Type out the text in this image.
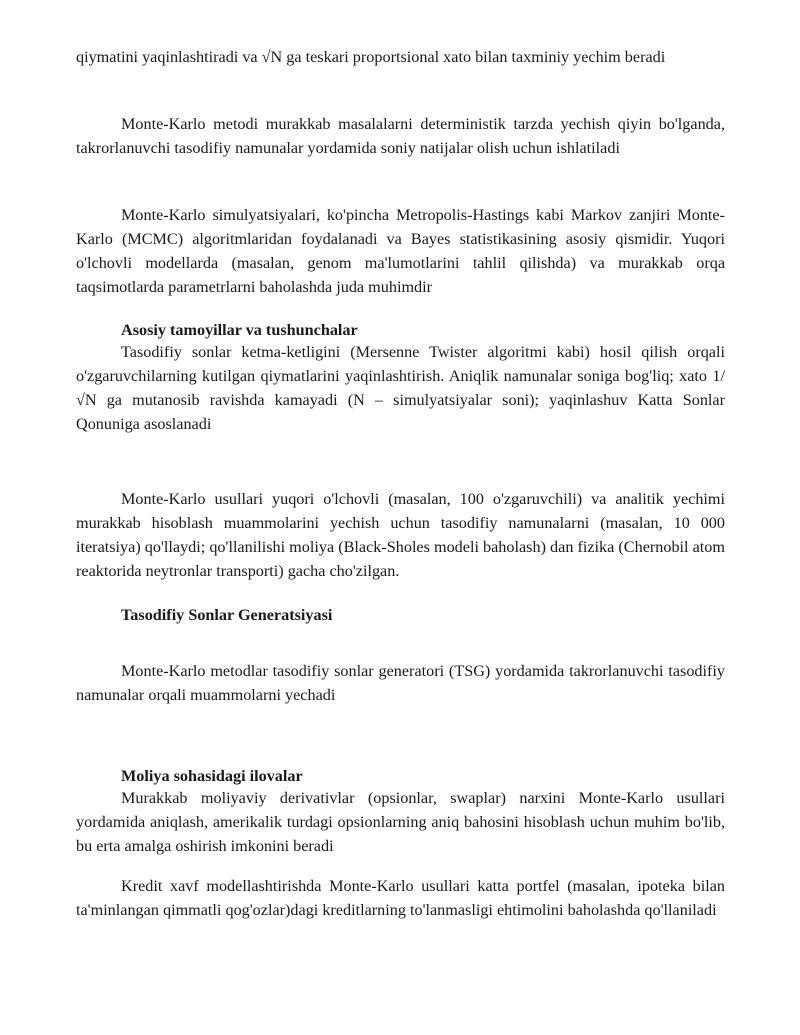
qiymatini yaqinlashtiradi va √N ga teskari proportsional xato bilan taxminiy yechim beradi

Monte-Karlo metodi murakkab masalalarni deterministik tarzda yechish qiyin bo'lganda, takrorlanuvchi tasodifiy namunalar yordamida soniy natijalar olish uchun ishlatiladi

Monte-Karlo simulyatsiyalari, ko'pincha Metropolis-Hastings kabi Markov zanjiri Monte-Karlo (MCMC) algoritmlaridan foydalanadi va Bayes statistikasining asosiy qismidir. Yuqori o'lchovli modellarda (masalan, genom ma'lumotlarini tahlil qilishda) va murakkab orqa taqsimotlarda parametrlarni baholashda juda muhimdir

Asosiy tamoyillar va tushunchalar

Tasodifiy sonlar ketma-ketligini (Mersenne Twister algoritmi kabi) hosil qilish orqali o'zgaruvchilarning kutilgan qiymatlarini yaqinlashtirish. Aniqlik namunalar soniga bog'liq; xato 1/√N ga mutanosib ravishda kamayadi (N – simulyatsiyalar soni); yaqinlashuv Katta Sonlar Qonuniga asoslanadi

Monte-Karlo usullari yuqori o'lchovli (masalan, 100 o'zgaruvchili) va analitik yechimi murakkab hisoblash muammolarini yechish uchun tasodifiy namunalarni (masalan, 10 000 iteratsiya) qo'llaydi; qo'llanilishi moliya (Black-Sholes modeli baholash) dan fizika (Chernobil atom reaktorida neytronlar transporti) gacha cho'zilgan.

Tasodifiy Sonlar Generatsiyasi

Monte-Karlo metodlar tasodifiy sonlar generatori (TSG) yordamida takrorlanuvchi tasodifiy namunalar orqali muammolarni yechadi

Moliya sohasidagi ilovalar

Murakkab moliyaviy derivativlar (opsionlar, swaplar) narxini Monte-Karlo usullari yordamida aniqlash, amerikalik turdagi opsionlarning aniq bahosini hisoblash uchun muhim bo'lib, bu erta amalga oshirish imkonini beradi

Kredit xavf modellashtirishda Monte-Karlo usullari katta portfel (masalan, ipoteka bilan ta'minlangan qimmatli qog'ozlar)dagi kreditlarning to'lanmasligi ehtimolini baholashda qo'llaniladi
